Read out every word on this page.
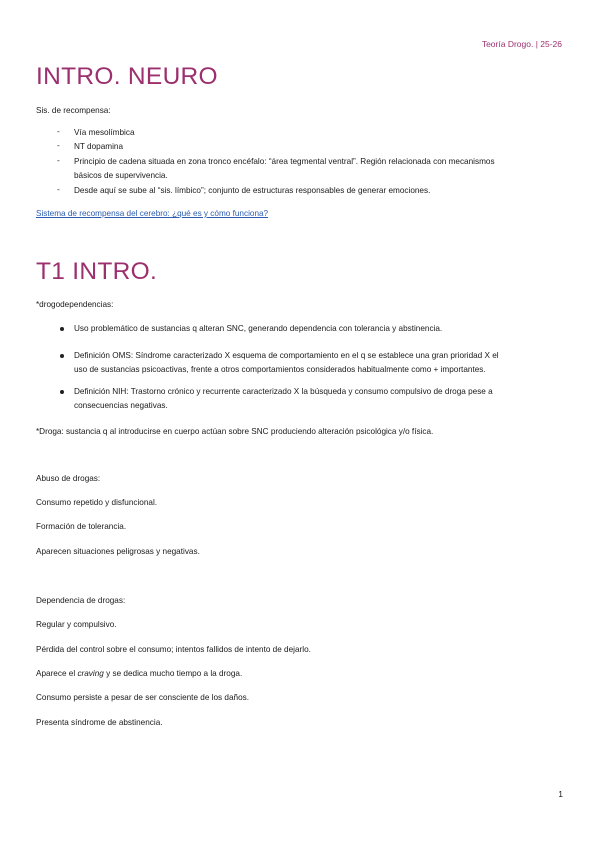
Teoría Drogo. | 25-26
INTRO. NEURO

Sis. de recompensa:

- Vía mesolímbica

- NT dopamina

- Principio de cadena situada en zona tronco encéfalo: “área tegmental ventral”. Región relacionada con mecanismos

básicos de supervivencia.

- Desde aquí se sube al “sis. límbico”; conjunto de estructuras responsables de generar emociones.

Sistema de recompensa del cerebro: ¿qué es y cómo funciona?

T1 INTRO.

*drogodependencias:

Uso problemático de sustancias q alteran SNC, generando dependencia con tolerancia y abstinencia.

Definición OMS: Síndrome caracterizado X esquema de comportamiento en el q se establece una gran prioridad X el

uso de sustancias psicoactivas, frente a otros comportamientos considerados habitualmente como + importantes.

Definición NIH: Trastorno crónico y recurrente caracterizado X la búsqueda y consumo compulsivo de droga pese a

consecuencias negativas.

*Droga: sustancia q al introducirse en cuerpo actúan sobre SNC produciendo alteración psicológica y/o física.

Abuso de drogas:

Consumo repetido y disfuncional.

Formación de tolerancia.

Aparecen situaciones peligrosas y negativas.

Dependencia de drogas:

Regular y compulsivo.

Pérdida del control sobre el consumo; intentos fallidos de intento de dejarlo.

Aparece el craving y se dedica mucho tiempo a la droga.

Consumo persiste a pesar de ser consciente de los daños.

Presenta síndrome de abstinencia.

1
